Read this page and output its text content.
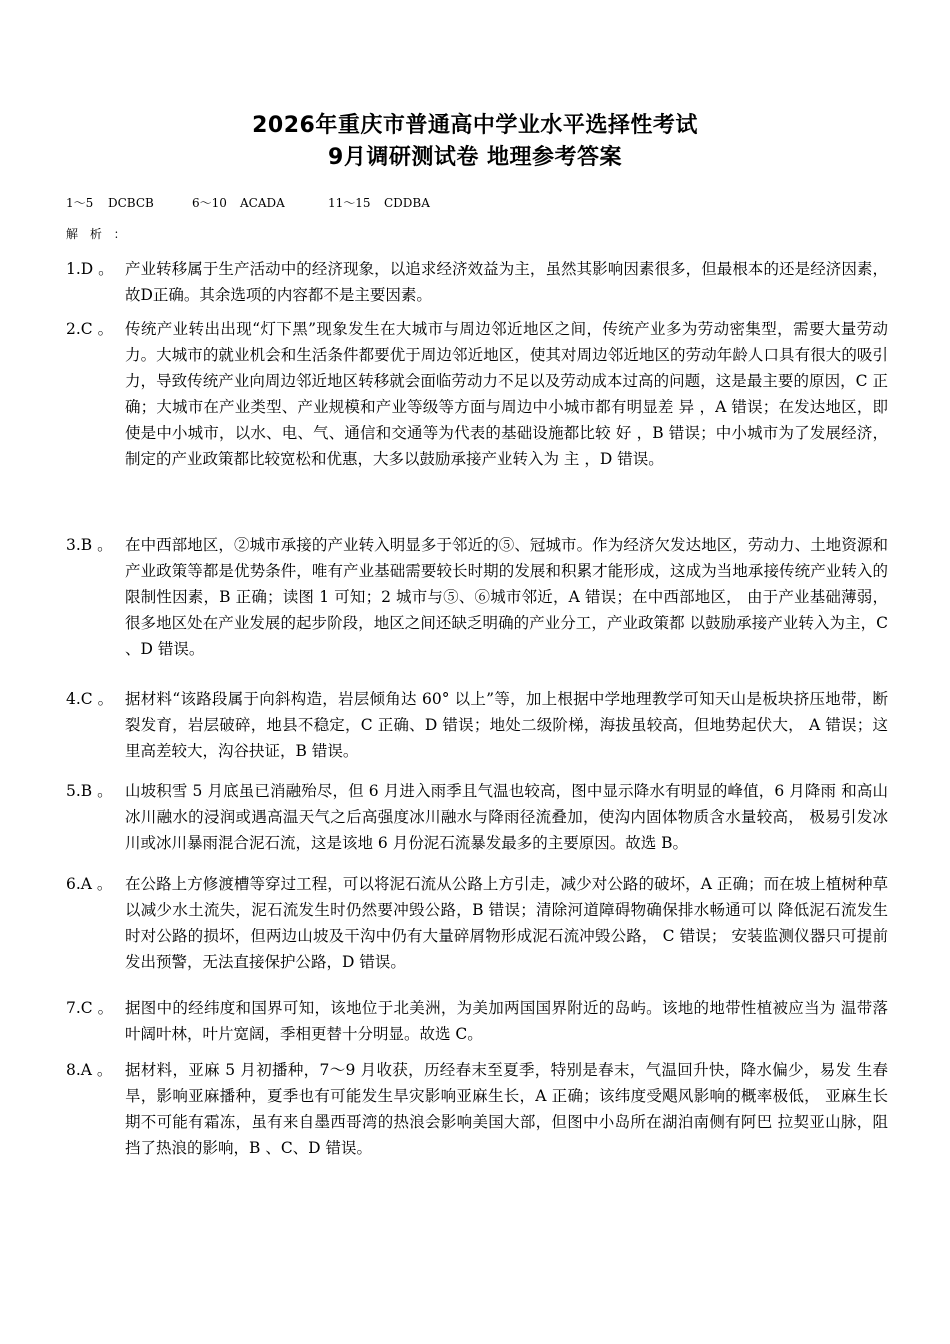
2026年重庆市普通高中学业水平选择性考试
9月调研测试卷 地理参考答案
1～5 DCBCB	6～10 ACADA	11～15 CDDBA
解 析 ：
1.D 。 产业转移属于生产活动中的经济现象，以追求经济效益为主，虽然其影响因素很多，但最根本的还是经济因素，故D正确。其余选项的内容都不是主要因素。
2.C 。 传统产业转出出现“灯下黑”现象发生在大城市与周边邻近地区之间，传统产业多为劳动密集型，需要大量劳动力。大城市的就业机会和生活条件都要优于周边邻近地区，使其对周边邻近地区的劳动年龄人口具有很大的吸引力，导致传统产业向周边邻近地区转移就会面临劳动力不足以及劳动成本过高的问题，这是最主要的原因，C 正确；大城市在产业类型、产业规模和产业等级等方面与周边中小城市都有明显差 异 ，A 错误；在发达地区，即使是中小城市，以水、电、气、通信和交通等为代表的基础设施都比较 好 ，B 错误；中小城市为了发展经济，制定的产业政策都比较宽松和优惠，大多以鼓励承接产业转入为 主 ，D 错误。
3.B 。 在中西部地区，②城市承接的产业转入明显多于邻近的⑤、冠城市。作为经济欠发达地区，劳动力、土地资源和产业政策等都是优势条件，唯有产业基础需要较长时期的发展和积累才能形成，这成为当地承接传统产业转入的限制性因素，B 正确；读图 1 可知；2 城市与⑤、⑥城市邻近，A 错误；在中西部地区， 由于产业基础薄弱，很多地区处在产业发展的起步阶段，地区之间还缺乏明确的产业分工，产业政策都 以鼓励承接产业转入为主，C 、D 错误。
4.C 。 据材料“该路段属于向斜构造，岩层倾角达 60° 以上”等，加上根据中学地理教学可知天山是板块挤压地带，断裂发育，岩层破碎，地县不稳定，C 正确、D 错误；地处二级阶梯，海拔虽较高，但地势起伏大， A 错误；这里高差较大，沟谷抉证，B 错误。
5.B 。 山坡积雪 5 月底虽已消融殆尽，但 6 月进入雨季且气温也较高，图中显示降水有明显的峰值，6 月降雨 和高山冰川融水的浸润或遇高温天气之后高强度冰川融水与降雨径流叠加，使沟内固体物质含水量较高， 极易引发冰川或冰川暴雨混合泥石流，这是该地 6 月份泥石流暴发最多的主要原因。故选 B。
6.A 。 在公路上方修渡槽等穿过工程，可以将泥石流从公路上方引走，减少对公路的破坏，A 正确；而在坡上植树种草以减少水土流失，泥石流发生时仍然要冲毁公路，B 错误；清除河道障碍物确保排水畅通可以 降低泥石流发生时对公路的损坏，但两边山坡及干沟中仍有大量碎屑物形成泥石流冲毁公路， C 错误； 安装监测仪器只可提前发出预警，无法直接保护公路，D 错误。
7.C 。 据图中的经纬度和国界可知，该地位于北美洲，为美加两国国界附近的岛屿。该地的地带性植被应当为 温带落叶阔叶林，叶片宽阔，季相更替十分明显。故选 C。
8.A 。 据材料，亚麻 5 月初播种，7～9 月收获，历经春末至夏季，特别是春末，气温回升快，降水偏少，易发 生春旱，影响亚麻播种，夏季也有可能发生旱灾影响亚麻生长，A 正确；该纬度受飓风影响的概率极低， 亚麻生长期不可能有霜冻，虽有来自墨西哥湾的热浪会影响美国大部，但图中小岛所在湖泊南侧有阿巴 拉契亚山脉，阻挡了热浪的影响，B 、C、D 错误。
